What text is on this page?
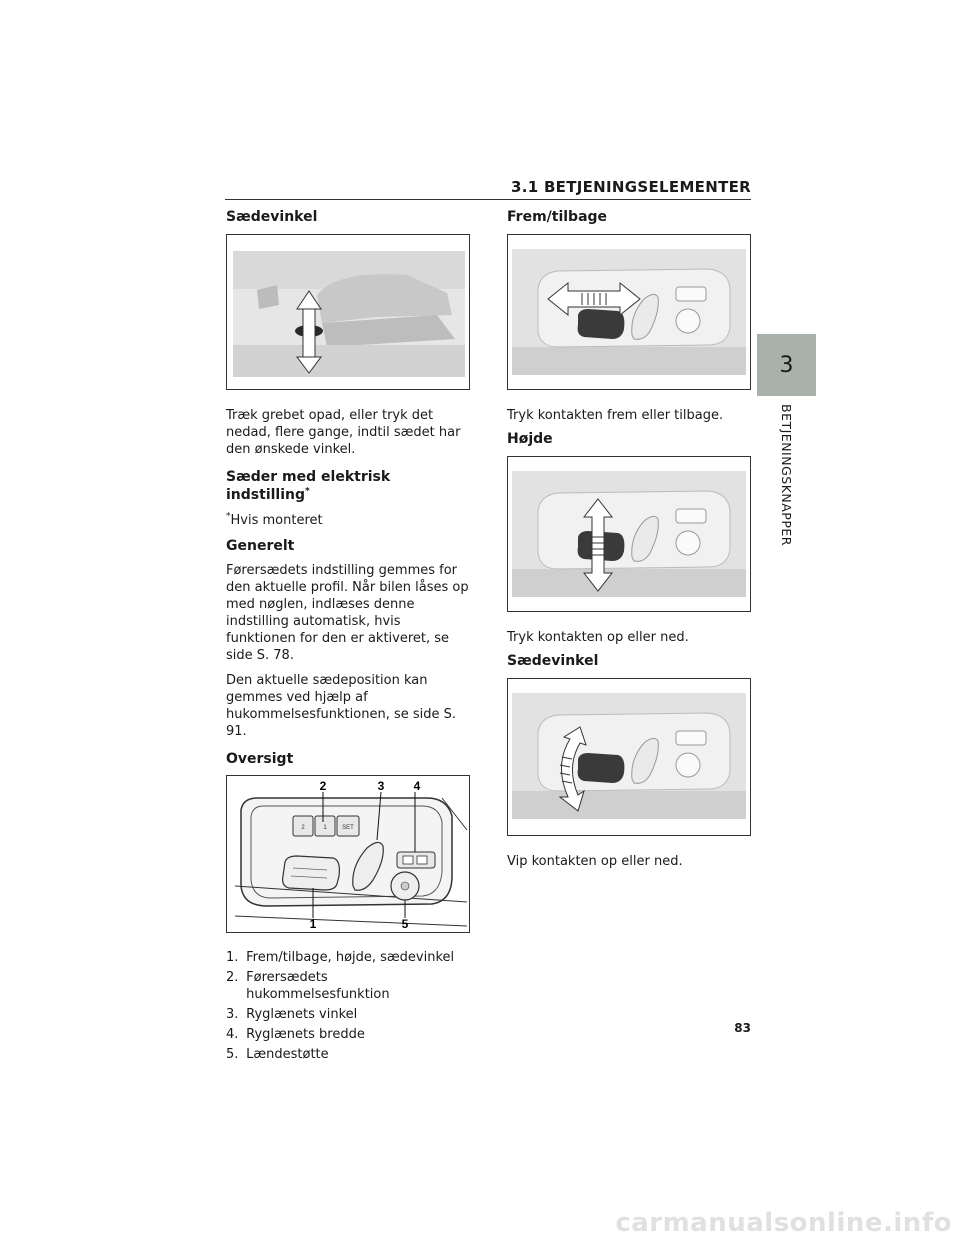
3.1 BETJENINGSELEMENTER
3
BETJENINGSKNAPPER
Sædevinkel

Træk grebet opad, eller tryk det nedad, flere gange, indtil sædet har den ønskede vinkel.

Sæder med elektrisk indstilling*

*Hvis monteret

Generelt

Førersædets indstilling gemmes for den aktuelle profil. Når bilen låses op med nøglen, indlæses denne indstilling automatisk, hvis funktionen for den er aktiveret, se side S. 78.

Den aktuelle sædeposition kan gemmes ved hjælp af hukommelsesfunktionen, se side S. 91.

Oversigt
2	1	SET
2	3 4
1	5
1.
Frem/tilbage, højde, sædevinkel
2.
Førersædets hukommelsesfunktion
3.
Ryglænets vinkel
4.
Ryglænets bredde
5.
Lændestøtte
Frem/tilbage

Tryk kontakten frem eller tilbage.

Højde

Tryk kontakten op eller ned.

Sædevinkel

Vip kontakten op eller ned.

83
carmanualsonline.info
